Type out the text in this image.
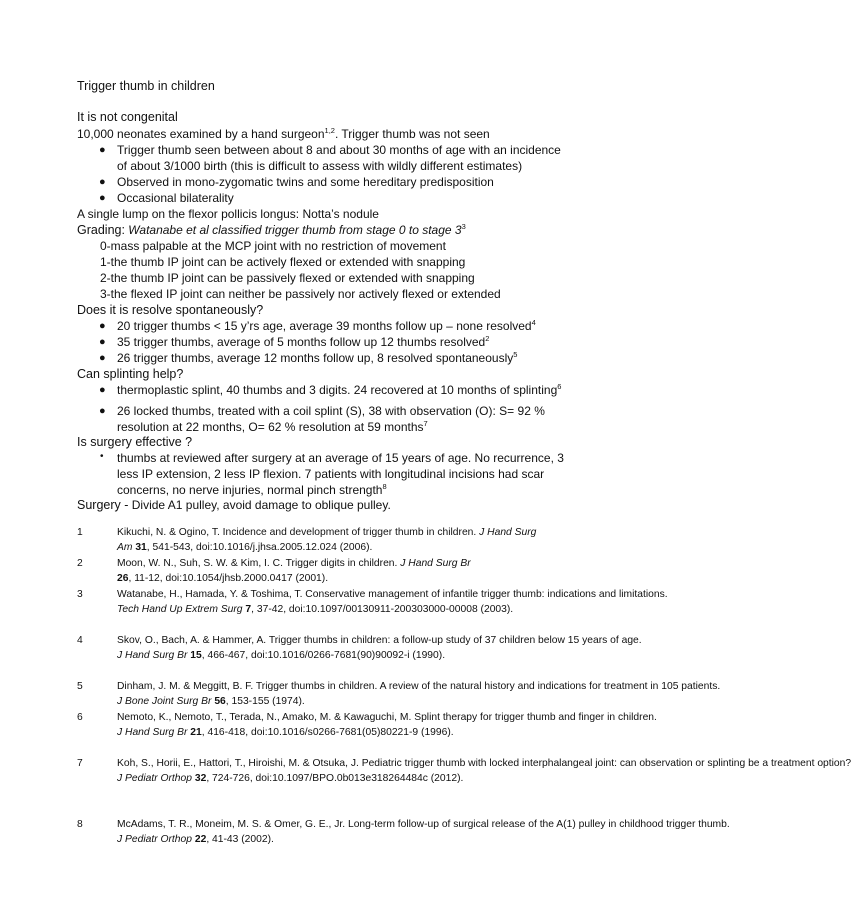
Trigger thumb in children
It is not congenital
10,000 neonates examined by a hand surgeon$^{1,2}$. Trigger thumb was not seen
● Trigger thumb seen between about 8 and about 30 months of age with an incidence
of about 3/1000 birth (this is difficult to assess with wildly different estimates)
● Observed in mono-zygomatic twins and some hereditary predisposition
● Occasional bilaterality
A single lump on the flexor pollicis longus: Notta’s nodule
Grading: Watanabe et al classified trigger thumb from stage 0 to stage $3^3$
0-mass palpable at the MCP joint with no restriction of movement
1-the thumb IP joint can be actively flexed or extended with snapping
2-the thumb IP joint can be passively flexed or extended with snapping
3-the flexed IP joint can neither be passively nor actively flexed or extended
Does it is resolve spontaneously?
● 20 trigger thumbs < 15 y’rs age, average 39 months follow up – none resolved$^4$
● 35 trigger thumbs, average of 5 months follow up 12 thumbs resolved$^2$
● 26 trigger thumbs, average 12 months follow up, 8 resolved spontaneously$^5$
Can splinting help?
● thermoplastic splint, 40 thumbs and 3 digits. 24 recovered at 10 months of splinting$^6$
● 26 locked thumbs, treated with a coil splint (S), 38 with observation (O): S= 92 %
resolution at 22 months, O= 62 % resolution at 59 months$^7$
Is surgery effective ?
• thumbs at reviewed after surgery at an average of 15 years of age. No recurrence, 3
less IP extension, 2 less IP flexion. 7 patients with longitudinal incisions had scar
concerns, no nerve injuries, normal pinch strength$^8$
Surgery - Divide A1 pulley, avoid damage to oblique pulley.
1	Kikuchi, N. & Ogino, T. Incidence and development of trigger thumb in children. J Hand Surg Am 31, 541-543, doi:10.1016/j.jhsa.2005.12.024 (2006).
2	Moon, W. N., Suh, S. W. & Kim, I. C. Trigger digits in children. J Hand Surg Br 26, 11-12, doi:10.1054/jhsb.2000.0417 (2001).
3	Watanabe, H., Hamada, Y. & Toshima, T. Conservative management of infantile trigger thumb: indications and limitations. Tech Hand Up Extrem Surg 7, 37-42, doi:10.1097/00130911-200303000-00008 (2003).
4	Skov, O., Bach, A. & Hammer, A. Trigger thumbs in children: a follow-up study of 37 children below 15 years of age. J Hand Surg Br 15, 466-467, doi:10.1016/0266-7681(90)90092-i (1990).
5	Dinham, J. M. & Meggitt, B. F. Trigger thumbs in children. A review of the natural history and indications for treatment in 105 patients. J Bone Joint Surg Br 56, 153-155 (1974).
6	Nemoto, K., Nemoto, T., Terada, N., Amako, M. & Kawaguchi, M. Splint therapy for trigger thumb and finger in children. J Hand Surg Br 21, 416-418, doi:10.1016/s0266-7681(05)80221-9 (1996).
7	Koh, S., Horii, E., Hattori, T., Hiroishi, M. & Otsuka, J. Pediatric trigger thumb with locked interphalangeal joint: can observation or splinting be a treatment option? J Pediatr Orthop 32, 724-726, doi:10.1097/BPO.0b013e318264484c (2012).
8	McAdams, T. R., Moneim, M. S. & Omer, G. E., Jr. Long-term follow-up of surgical release of the A(1) pulley in childhood trigger thumb. J Pediatr Orthop 22, 41-43 (2002).
